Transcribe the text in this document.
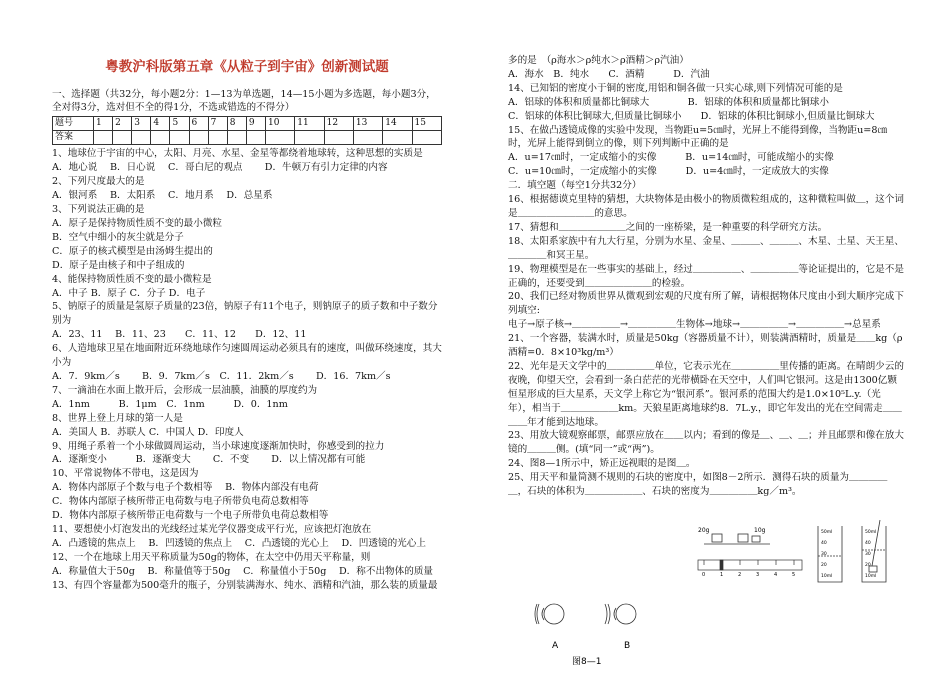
粤教沪科版第五章《从粒子到宇宙》创新测试题

一、选择题（共32分，每小题2分：1—13为单选题，14—15小题为多选题，每小题3分，全对得3分，选对但不全的得1分，不选或错选的不得分）

题号	1	2	3	4	5	6	7	8	9	10	11	12	13	14	15
答案															

1、地球位于宇宙的中心，太阳、月亮、水星、金星等都绕着地球转，这种思想的实质是

A．地心说　 B．日心说　 C．哥白尼的观点　　 D．牛顿万有引力定律的内容

2、下列尺度最大的是

A．银河系　 B．太阳系　 C．地月系　 D．总星系

3、下列说法正确的是

A．原子是保持物质性质不变的最小微粒

B．空气中细小的灰尘就是分子

C．原子的核式模型是由汤姆生提出的

D．原子是由核子和中子组成的

4、能保持物质性质不变的最小微粒是

A．中子 B．原子 C．分子 D．电子

5、钠原子的质量是氢原子质量的23倍，钠原子有11个电子，则钠原子的质子数和中子数分别为

A．23、11　 B．11、23　　C．11、12　　D．12、11

6、人造地球卫星在地面附近环绕地球作匀速圆周运动必须具有的速度，叫做环绕速度，其大小为

A．7．9km／s　　 B．9．7km／s　C．11．2km／s　　 D．16．7km／s

7、一滴油在水面上散开后，会形成一层油膜，油膜的厚度约为

A．1nm　　　B．1μm　C．1nm　　　D．0．1nm

8、世界上登上月球的第一人是

A．美国人 B．苏联人 C．中国人 D．印度人

9、用绳子系着一个小球做圆周运动，当小球速度逐渐加快时，你感受到的拉力

A．逐渐变小　　　B．逐渐变大　　 C．不变　　 D．以上情况都有可能

10、平常说物体不带电，这是因为

A．物体内部原子个数与电子个数相等　 B．物体内部没有电荷

C．物体内部原子核所带正电荷数与电子所带负电荷总数相等

D．物体内部原子核所带正电荷数与一个电子所带负电荷总数相等

11、要想使小灯泡发出的光线经过某光学仪器变成平行光，应该把灯泡放在

A．凸透镜的焦点上　 B．凹透镜的焦点上　 C．凸透镜的光心上　 D．凹透镜的光心上

12、一个在地球上用天平称质量为50g的物体，在太空中仍用天平称量，则

A．称量值大于50g　 B．称量值等于50g　 C．称量值小于50g　 D．称不出物体的质量

13、有四个容量都为500毫升的瓶子，分别装满海水、纯水、酒精和汽油，那么装的质量最

多的是　（ρ海水＞ρ纯水＞ρ酒精＞ρ汽油）

A．海水　B．纯水　　C．酒精　　　D．汽油

14、已知铝的密度小于铜的密度,用铝和铜各做一只实心球,则下列情况可能的是

A．铝球的体积和质量都比铜球大　　　　B．铝球的体积和质量都比铜球小

C．铝球的体积比铜球大,但质量比铜球小　　D．铝球的体积比铜球小,但质量比铜球大

15、在做凸透镜成像的实验中发现，当物距u=5㎝时，光屏上不能得到像，当物距u=8㎝时，光屏上能得到倒立的像，则下列判断中正确的是

A．u=17㎝时，一定成缩小的实像　　　B．u=14㎝时，可能成缩小的实像

C．u=10㎝时，一定成缩小的实像　　　D．u=4㎝时，一定成放大的实像

二．填空题（每空1分共32分）

16、根据德谟克里特的猜想，大块物体是由极小的物质微粒组成的，这种微粒叫做＿，这个词是＿＿＿＿＿＿＿＿的意思。

17、猜想和＿＿＿＿＿＿＿之间的一座桥梁，是一种重要的科学研究方法。

18、太阳系家族中有九大行星，分别为水星、金星、＿＿＿、＿＿＿、木星、土星、天王星、＿＿＿＿和冥王星。

19、物理模型是在一些事实的基础上，经过＿＿＿＿＿、＿＿＿＿＿等论证提出的，它是不是正确的，还要受到＿＿＿＿＿＿＿的检验。

20、我们已经对物质世界从微观到宏观的尺度有所了解，请根据物体尺度由小到大顺序完成下列填空:

电子→原子核→＿＿＿＿＿→＿＿＿＿＿生物体→地球→＿＿＿＿＿→＿＿＿＿＿→总星系

21、一个容器，装满水时，质量是50kg（容器质量不计），则装满酒精时，质量是＿＿kg（ρ 酒精=0．8×10³kg/m³）

22、光年是天文学中的＿＿＿＿＿单位，它表示光在＿＿＿＿＿里传播的距离。在晴朗少云的夜晚，仰望天空，会看到一条白茫茫的光带横卧在天空中，人们叫它银河。这是由1300亿颗恒星形成的巨大星系，天文学上称它为“银河系”。银河系的范围大约是1.0×10⁵L.y.（光年），相当于＿＿＿＿＿＿km。天狼星距离地球约8．7L.y.，即它年发出的光在空间需走＿＿＿＿年才能到达地球。

23、用放大镜观察邮票，邮票应放在＿＿以内；看到的像是＿、＿、＿；并且邮票和像在放大镜的＿＿＿侧。(填“同一”或“两”)。

24、图8—1所示中，矫正远视眼的是图＿。

25、用天平和量筒测不规则的石块的密度中，如图8－2所示．测得石块的质量为＿＿＿＿＿，石块的体积为＿＿＿＿＿＿、石块的密度为＿＿＿＿＿kg／m³。

A	B
图8—1
20g	10g
0	1	2	3	4	5
50ml
40
30
20
10ml
50ml
40
30
20
10ml
